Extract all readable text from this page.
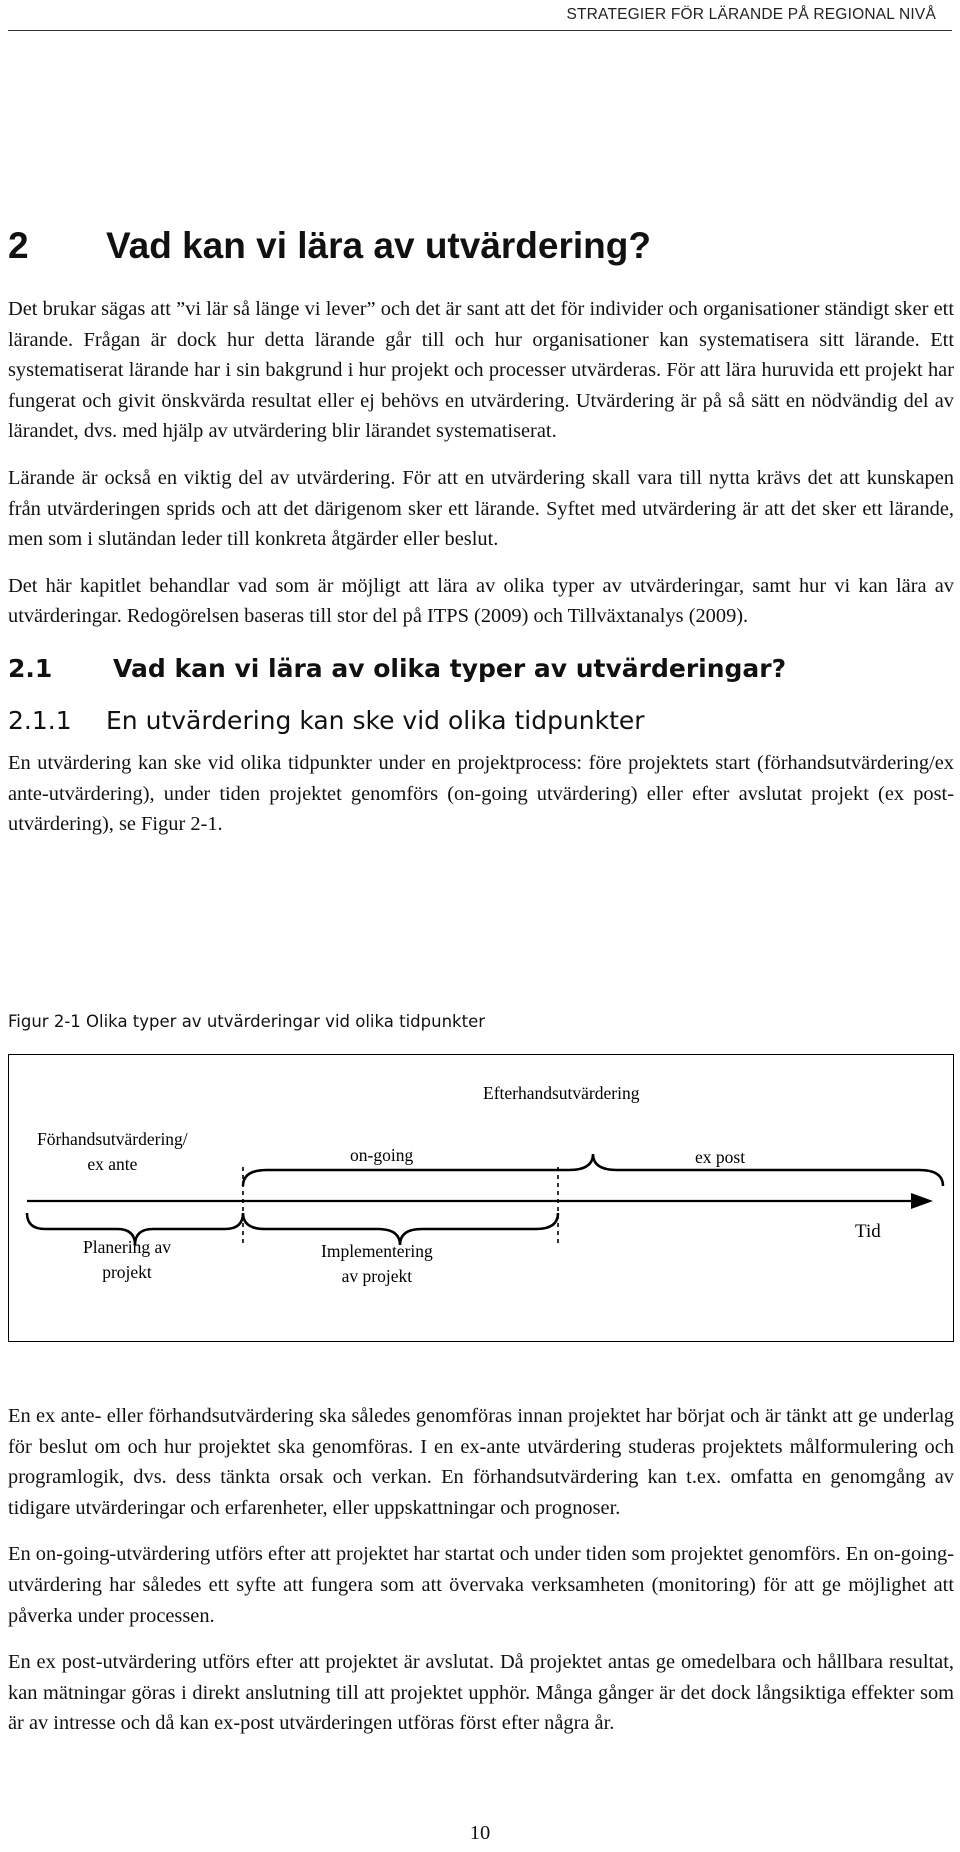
STRATEGIER FÖR LÄRANDE PÅ REGIONAL NIVÅ
2 Vad kan vi lära av utvärdering?

Det brukar sägas att ”vi lär så länge vi lever” och det är sant att det för individer och organisationer ständigt sker ett lärande. Frågan är dock hur detta lärande går till och hur organisationer kan systematisera sitt lärande. Ett systematiserat lärande har i sin bakgrund i hur projekt och processer utvärderas. För att lära huruvida ett projekt har fungerat och givit önskvärda resultat eller ej behövs en utvärdering. Utvärdering är på så sätt en nödvändig del av lärandet, dvs. med hjälp av utvärdering blir lärandet systematiserat.

Lärande är också en viktig del av utvärdering. För att en utvärdering skall vara till nytta krävs det att kunskapen från utvärderingen sprids och att det därigenom sker ett lärande. Syftet med utvärdering är att det sker ett lärande, men som i slutändan leder till konkreta åtgärder eller beslut.

Det här kapitlet behandlar vad som är möjligt att lära av olika typer av utvärderingar, samt hur vi kan lära av utvärderingar. Redogörelsen baseras till stor del på ITPS (2009) och Tillväxtanalys (2009).

2.1 Vad kan vi lära av olika typer av utvärderingar?
2.1.1 En utvärdering kan ske vid olika tidpunkter

En utvärdering kan ske vid olika tidpunkter under en projektprocess: före projektets start (förhandsutvärdering/ex ante-utvärdering), under tiden projektet genomförs (on-going utvärdering) eller efter avslutat projekt (ex post-utvärdering), se Figur 2-1.

Figur 2-1 Olika typer av utvärderingar vid olika tidpunkter
Efterhandsutvärdering
Förhandsutvärdering/
ex ante	on-going	ex post
Planering av
projekt
Implementering
av projekt
Tid

En ex ante- eller förhandsutvärdering ska således genomföras innan projektet har börjat och är tänkt att ge underlag för beslut om och hur projektet ska genomföras. I en ex-ante utvärdering studeras projektets målformulering och programlogik, dvs. dess tänkta orsak och verkan. En förhandsutvärdering kan t.ex. omfatta en genomgång av tidigare utvärderingar och erfarenheter, eller uppskattningar och prognoser.

En on-going-utvärdering utförs efter att projektet har startat och under tiden som projektet genomförs. En on-going-utvärdering har således ett syfte att fungera som att övervaka verksamheten (monitoring) för att ge möjlighet att påverka under processen.

En ex post-utvärdering utförs efter att projektet är avslutat. Då projektet antas ge omedelbara och hållbara resultat, kan mätningar göras i direkt anslutning till att projektet upphör. Många gånger är det dock långsiktiga effekter som är av intresse och då kan ex-post utvärderingen utföras först efter några år.

10
